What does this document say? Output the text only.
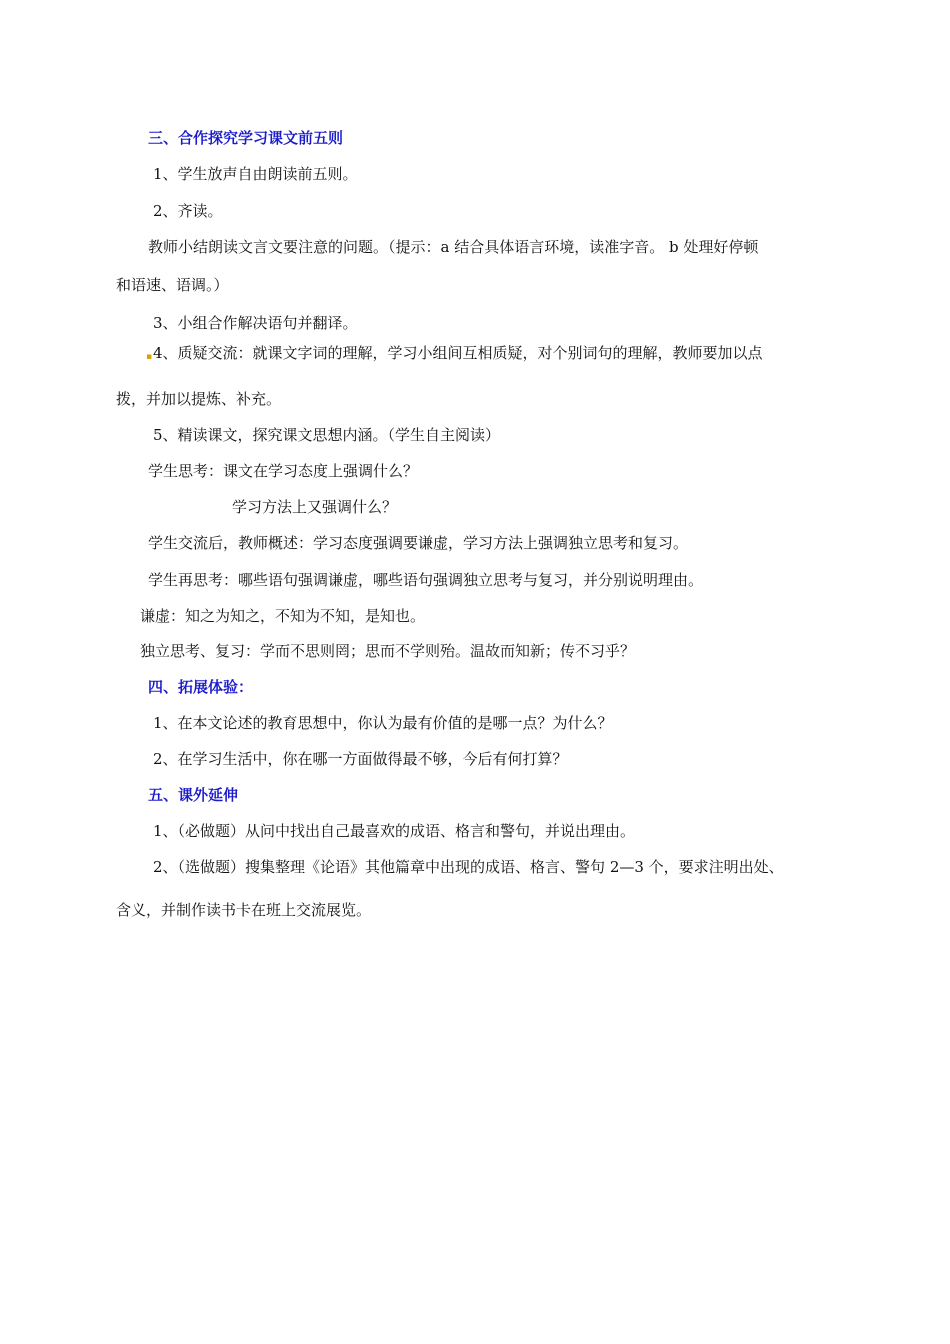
三、合作探究学习课文前五则
1、学生放声自由朗读前五则。
2、齐读。
教师小结朗读文言文要注意的问题。（提示：a 结合具体语言环境，读准字音。 b 处理好停顿
和语速、语调。）
3、小组合作解决语句并翻译。
4、质疑交流：就课文字词的理解，学习小组间互相质疑，对个别词句的理解，教师要加以点
▪
拨，并加以提炼、补充。
5、精读课文，探究课文思想内涵。（学生自主阅读）
学生思考：课文在学习态度上强调什么？
学习方法上又强调什么？
学生交流后，教师概述：学习态度强调要谦虚，学习方法上强调独立思考和复习。
学生再思考：哪些语句强调谦虚，哪些语句强调独立思考与复习，并分别说明理由。
谦虚：知之为知之，不知为不知，是知也。
独立思考、复习：学而不思则罔；思而不学则殆。温故而知新；传不习乎？
四、拓展体验：
1、在本文论述的教育思想中，你认为最有价值的是哪一点？为什么？
2、在学习生活中，你在哪一方面做得最不够，今后有何打算？
五、课外延伸
1、（必做题）从问中找出自己最喜欢的成语、格言和警句，并说出理由。
2、（选做题）搜集整理《论语》其他篇章中出现的成语、格言、警句 2—3 个，要求注明出处、
含义，并制作读书卡在班上交流展览。
